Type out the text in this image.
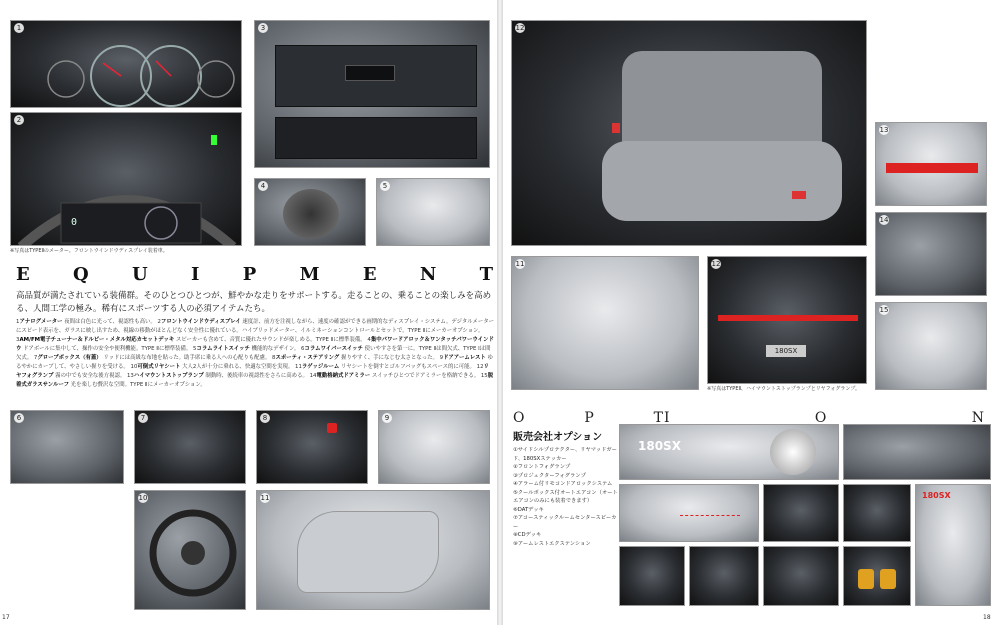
1	3
2
0
※写真はTYPEⅡのメーター。フロントウインドウディスプレイ装着車。
4	5
E Q U I P M E N T
高品質が満たされている装備群。そのひとつひとつが、鮮やかな走りをサポートする。走ることの、乗ることの楽しみを高める、人間工学の極み。稀有にスポーツする人の必須アイテムたち。
1アナログメーター 夜間は白色に光って、視認性も高い。 2フロントウインドウディスプレイ 速度計、前方を注視しながら、速度の確認ができる画期的なディスプレイ・システム。デジタルメーターにスピード表示を、ガラスに映し出すため、視線の移動がほとんどなく安全性に優れている。ハイブリッドメーター、イルミネーションコントロールとセットで。TYPE Ⅱにメーカーオプション。 3AM/FM電子チューナー＆ドルビー・メタル対応カセットデッキ スピーカーも含めて、音質に優れたサウンドが楽しめる。TYPE Ⅱに標準装備。 4集中パワードアロック＆ワンタッチパワーウインドウ ドアボールに集中して、操作の安全や便利機能。TYPE Ⅱに標準装備。 5コラムライトスイッチ 機能的なデザイン。 6コラムワイパースイッチ 使いやすさを第一に。TYPE Ⅱは間欠式、TYPE Ⅰは間欠式。 7グローブボックス（有蓋） リッドには高級な布地を貼った。助手席に乗る人への心配りも配慮。 8スポーティ・ステアリング 握りやすく、手になじむ太さとなった。 9ドアアームレスト ゆるやかにカーブして、やさしい握りを受ける。 10可倒式リヤシート 大人2人が十分に乗れる、快適な空間を実現。 11ラゲッジルーム リヤシートを倒すとゴルフバッグもスペース的に可能。 12リヤフォグランプ 霧の中でも安全な後方視認。 13ハイマウントストップランプ 制動時、後続車の視認性をさらに高める。 14電動格納式ドアミラー スイッチひとつでドアミラーを格納できる。 15脱着式ガラスサンルーフ 光を楽しむ贅沢な空間。TYPE Ⅱにメーカーオプション。
6	7	8	9
10	11
17
12
13
14
15
11	12
180SX
※写真はTYPEⅡ、ハイマウントストップランプとリヤフォグランプ。
180SX
180SX
18
O	P	T I	O	N
販売会社オプション
①サイドシルプロテクター、リヤマッドガード、180SXステッカー
②フロントフォグランプ
③プロジェクターフォグランプ
④アラーム付リモコンドアロックシステム
⑤クールボックス付オートエアコン（オートエアコンのみにも装着できます）
⑥DATデッキ
⑦アコースティックルームセンタースピーカー
⑧CDデッキ
⑨アームレストエクステンション
